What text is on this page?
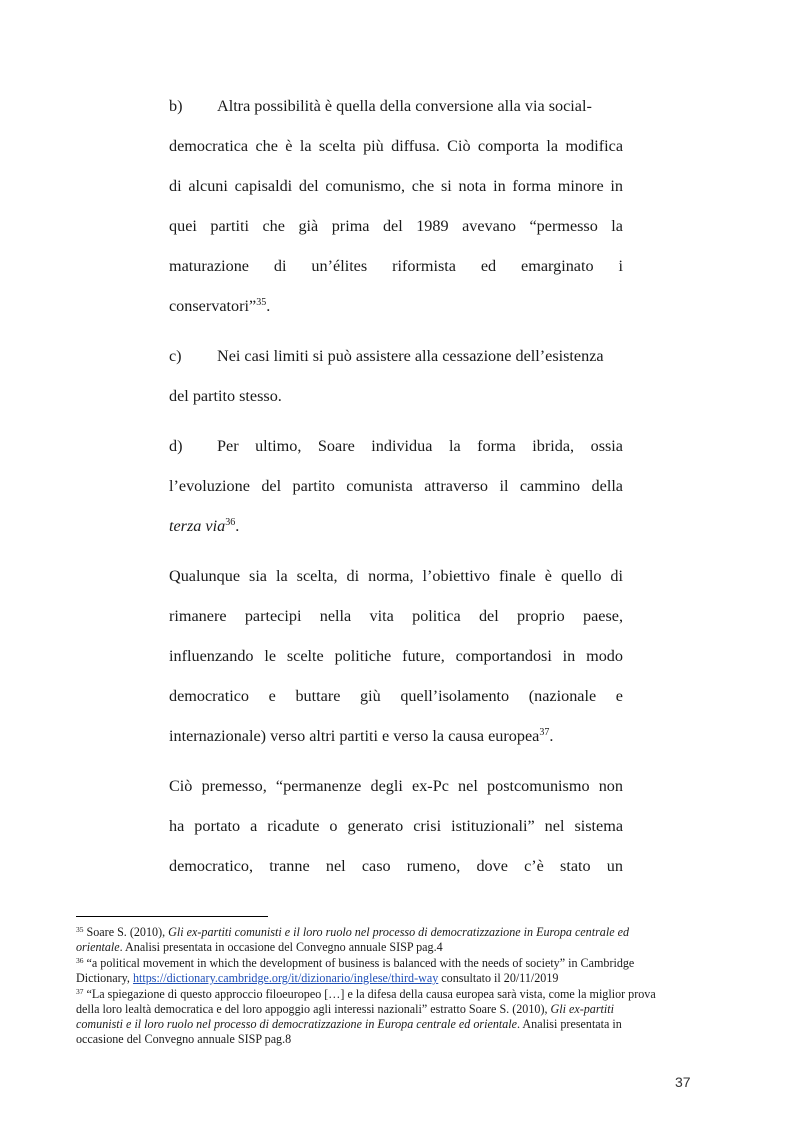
b) Altra possibilità è quella della conversione alla via social-
democratica che è la scelta più diffusa. Ciò comporta la modifica
di alcuni capisaldi del comunismo, che si nota in forma minore in
quei partiti che già prima del 1989 avevano “permesso la
maturazione di un’élites riformista ed emarginato i
conservatori”$^{35}$.
c) Nei casi limiti si può assistere alla cessazione dell’esistenza
del partito stesso.
d) Per ultimo, Soare individua la forma ibrida, ossia
l’evoluzione del partito comunista attraverso il cammino della
terza via$^{36}$.
Qualunque sia la scelta, di norma, l’obiettivo finale è quello di
rimanere partecipi nella vita politica del proprio paese,
influenzando le scelte politiche future, comportandosi in modo
democratico e buttare giù quell’isolamento (nazionale e
internazionale) verso altri partiti e verso la causa europea$^{37}$.
Ciò premesso, “permanenze degli ex-Pc nel postcomunismo non
ha portato a ricadute o generato crisi istituzionali” nel sistema
democratico, tranne nel caso rumeno, dove c’è stato un
$^{35}$ Soare S. (2010), Gli ex-partiti comunisti e il loro ruolo nel processo di democratizzazione in Europa centrale ed
orientale. Analisi presentata in occasione del Convegno annuale SISP pag.4
$^{36}$ “a political movement in which the development of business is balanced with the needs of society” in Cambridge
Dictionary, https://dictionary.cambridge.org/it/dizionario/inglese/third-way consultato il 20/11/2019
$^{37}$ “La spiegazione di questo approccio filoeuropeo […] e la difesa della causa europea sarà vista, come la miglior prova
della loro lealtà democratica e del loro appoggio agli interessi nazionali” estratto Soare S. (2010), Gli ex-partiti
comunisti e il loro ruolo nel processo di democratizzazione in Europa centrale ed orientale. Analisi presentata in
occasione del Convegno annuale SISP pag.8
37
